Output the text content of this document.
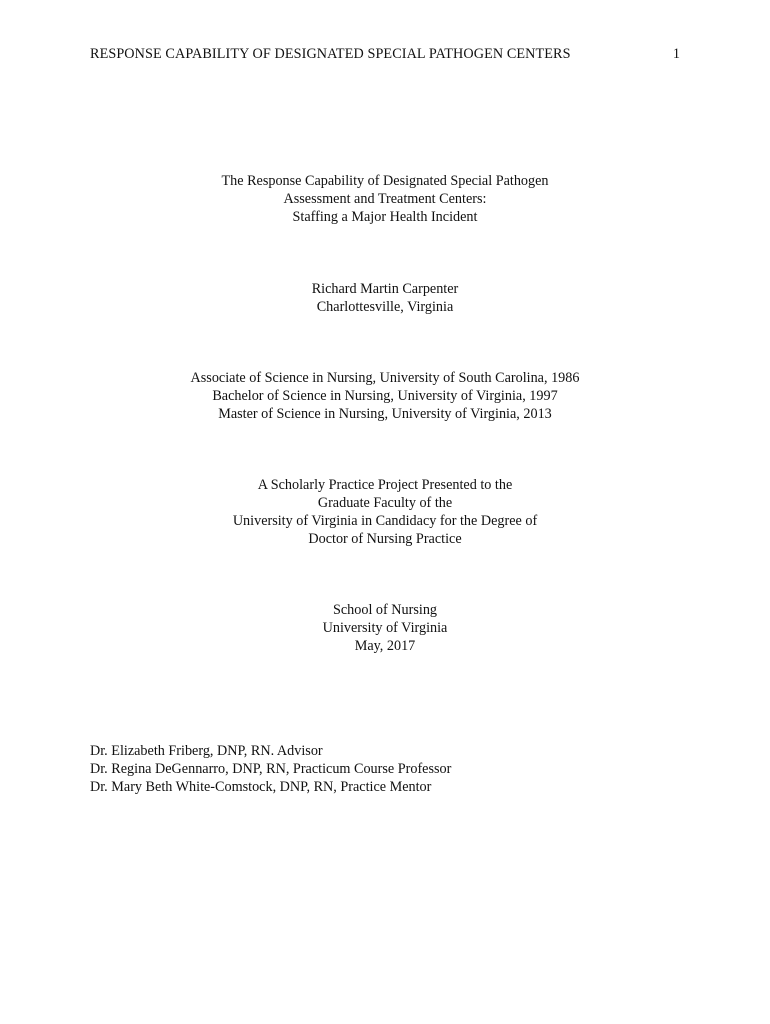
RESPONSE CAPABILITY OF DESIGNATED SPECIAL PATHOGEN CENTERS	1
The Response Capability of Designated Special Pathogen
Assessment and Treatment Centers:
Staffing a Major Health Incident
Richard Martin Carpenter
Charlottesville, Virginia
Associate of Science in Nursing, University of South Carolina, 1986
Bachelor of Science in Nursing, University of Virginia, 1997
Master of Science in Nursing, University of Virginia, 2013
A Scholarly Practice Project Presented to the
Graduate Faculty of the
University of Virginia in Candidacy for the Degree of
Doctor of Nursing Practice
School of Nursing
University of Virginia
May, 2017
Dr. Elizabeth Friberg, DNP, RN. Advisor
Dr. Regina DeGennarro, DNP, RN, Practicum Course Professor
Dr. Mary Beth White-Comstock, DNP, RN, Practice Mentor
